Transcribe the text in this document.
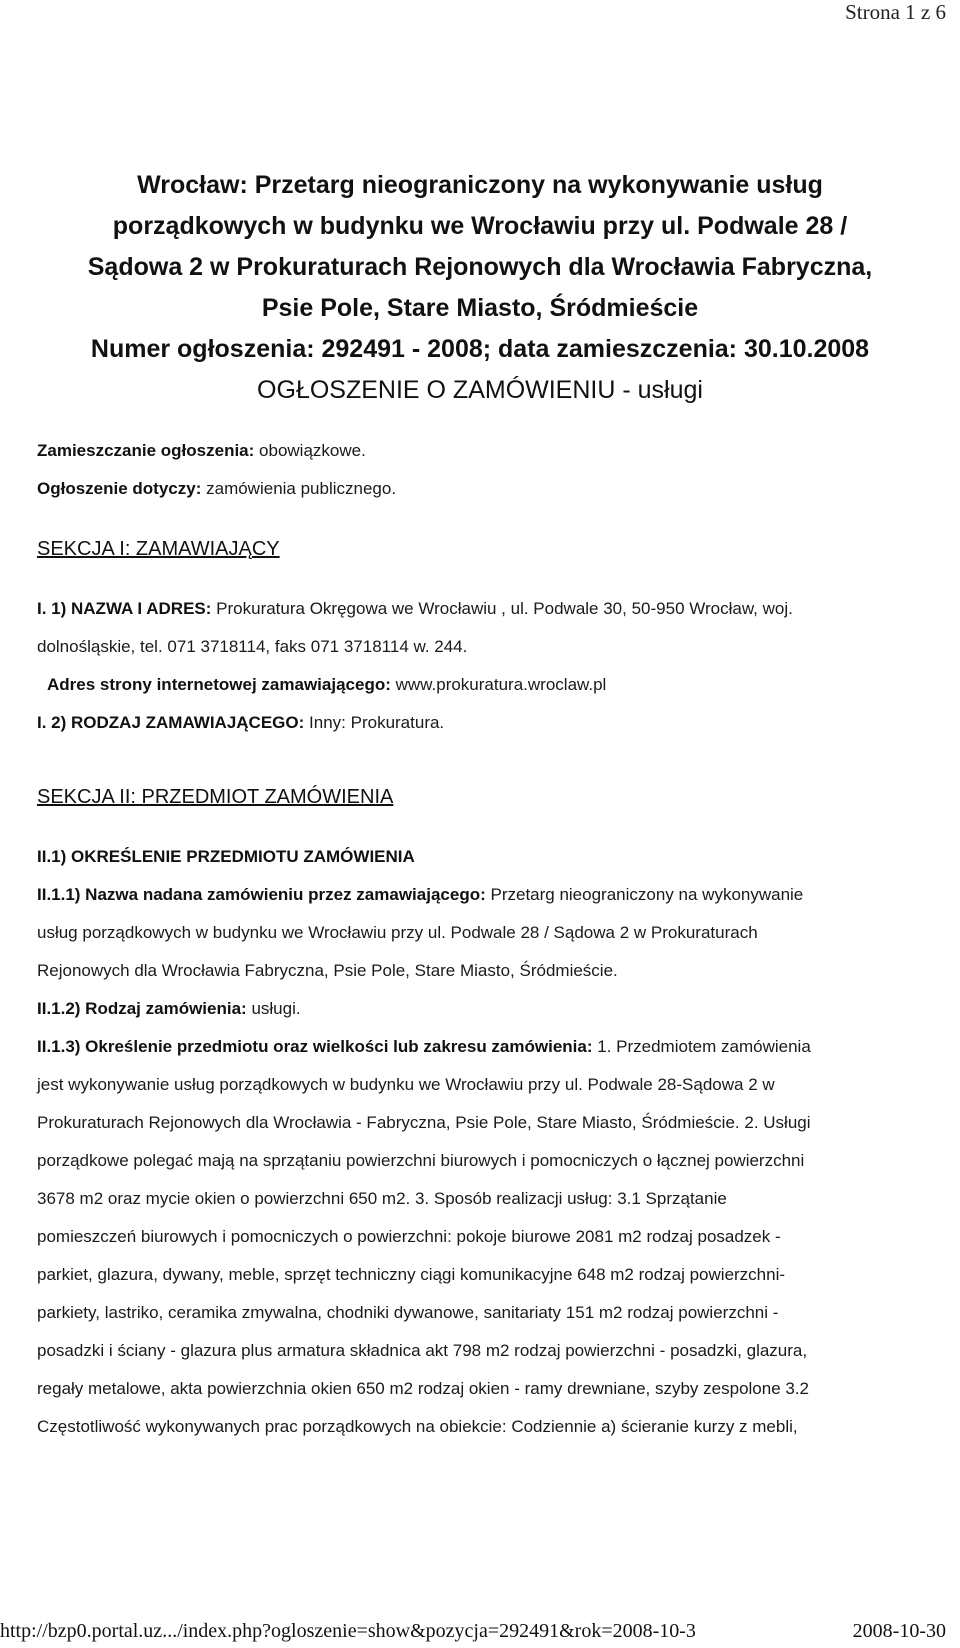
Strona 1 z 6
Wrocław: Przetarg nieograniczony na wykonywanie usług
porządkowych w budynku we Wrocławiu przy ul. Podwale 28 /
Sądowa 2 w Prokuraturach Rejonowych dla Wrocławia Fabryczna,
Psie Pole, Stare Miasto, Śródmieście
Numer ogłoszenia: 292491 - 2008; data zamieszczenia: 30.10.2008
OGŁOSZENIE O ZAMÓWIENIU - usługi
Zamieszczanie ogłoszenia: obowiązkowe.
Ogłoszenie dotyczy: zamówienia publicznego.
SEKCJA I: ZAMAWIAJĄCY
I. 1) NAZWA I ADRES: Prokuratura Okręgowa we Wrocławiu , ul. Podwale 30, 50-950 Wrocław, woj.
dolnośląskie, tel. 071 3718114, faks 071 3718114 w. 244.
Adres strony internetowej zamawiającego: www.prokuratura.wroclaw.pl
I. 2) RODZAJ ZAMAWIAJĄCEGO: Inny: Prokuratura.
SEKCJA II: PRZEDMIOT ZAMÓWIENIA
II.1) OKREŚLENIE PRZEDMIOTU ZAMÓWIENIA
II.1.1) Nazwa nadana zamówieniu przez zamawiającego: Przetarg nieograniczony na wykonywanie
usług porządkowych w budynku we Wrocławiu przy ul. Podwale 28 / Sądowa 2 w Prokuraturach
Rejonowych dla Wrocławia Fabryczna, Psie Pole, Stare Miasto, Śródmieście.
II.1.2) Rodzaj zamówienia: usługi.
II.1.3) Określenie przedmiotu oraz wielkości lub zakresu zamówienia: 1. Przedmiotem zamówienia
jest wykonywanie usług porządkowych w budynku we Wrocławiu przy ul. Podwale 28-Sądowa 2 w
Prokuraturach Rejonowych dla Wrocławia - Fabryczna, Psie Pole, Stare Miasto, Śródmieście. 2. Usługi
porządkowe polegać mają na sprzątaniu powierzchni biurowych i pomocniczych o łącznej powierzchni
3678 m2 oraz mycie okien o powierzchni 650 m2. 3. Sposób realizacji usług: 3.1 Sprzątanie
pomieszczeń biurowych i pomocniczych o powierzchni: pokoje biurowe 2081 m2 rodzaj posadzek -
parkiet, glazura, dywany, meble, sprzęt techniczny ciągi komunikacyjne 648 m2 rodzaj powierzchni-
parkiety, lastriko, ceramika zmywalna, chodniki dywanowe, sanitariaty 151 m2 rodzaj powierzchni -
posadzki i ściany - glazura plus armatura składnica akt 798 m2 rodzaj powierzchni - posadzki, glazura,
regały metalowe, akta powierzchnia okien 650 m2 rodzaj okien - ramy drewniane, szyby zespolone 3.2
Częstotliwość wykonywanych prac porządkowych na obiekcie: Codziennie a) ścieranie kurzy z mebli,
http://bzp0.portal.uz.../index.php?ogloszenie=show&pozycja=292491&rok=2008-10-3	2008-10-30
